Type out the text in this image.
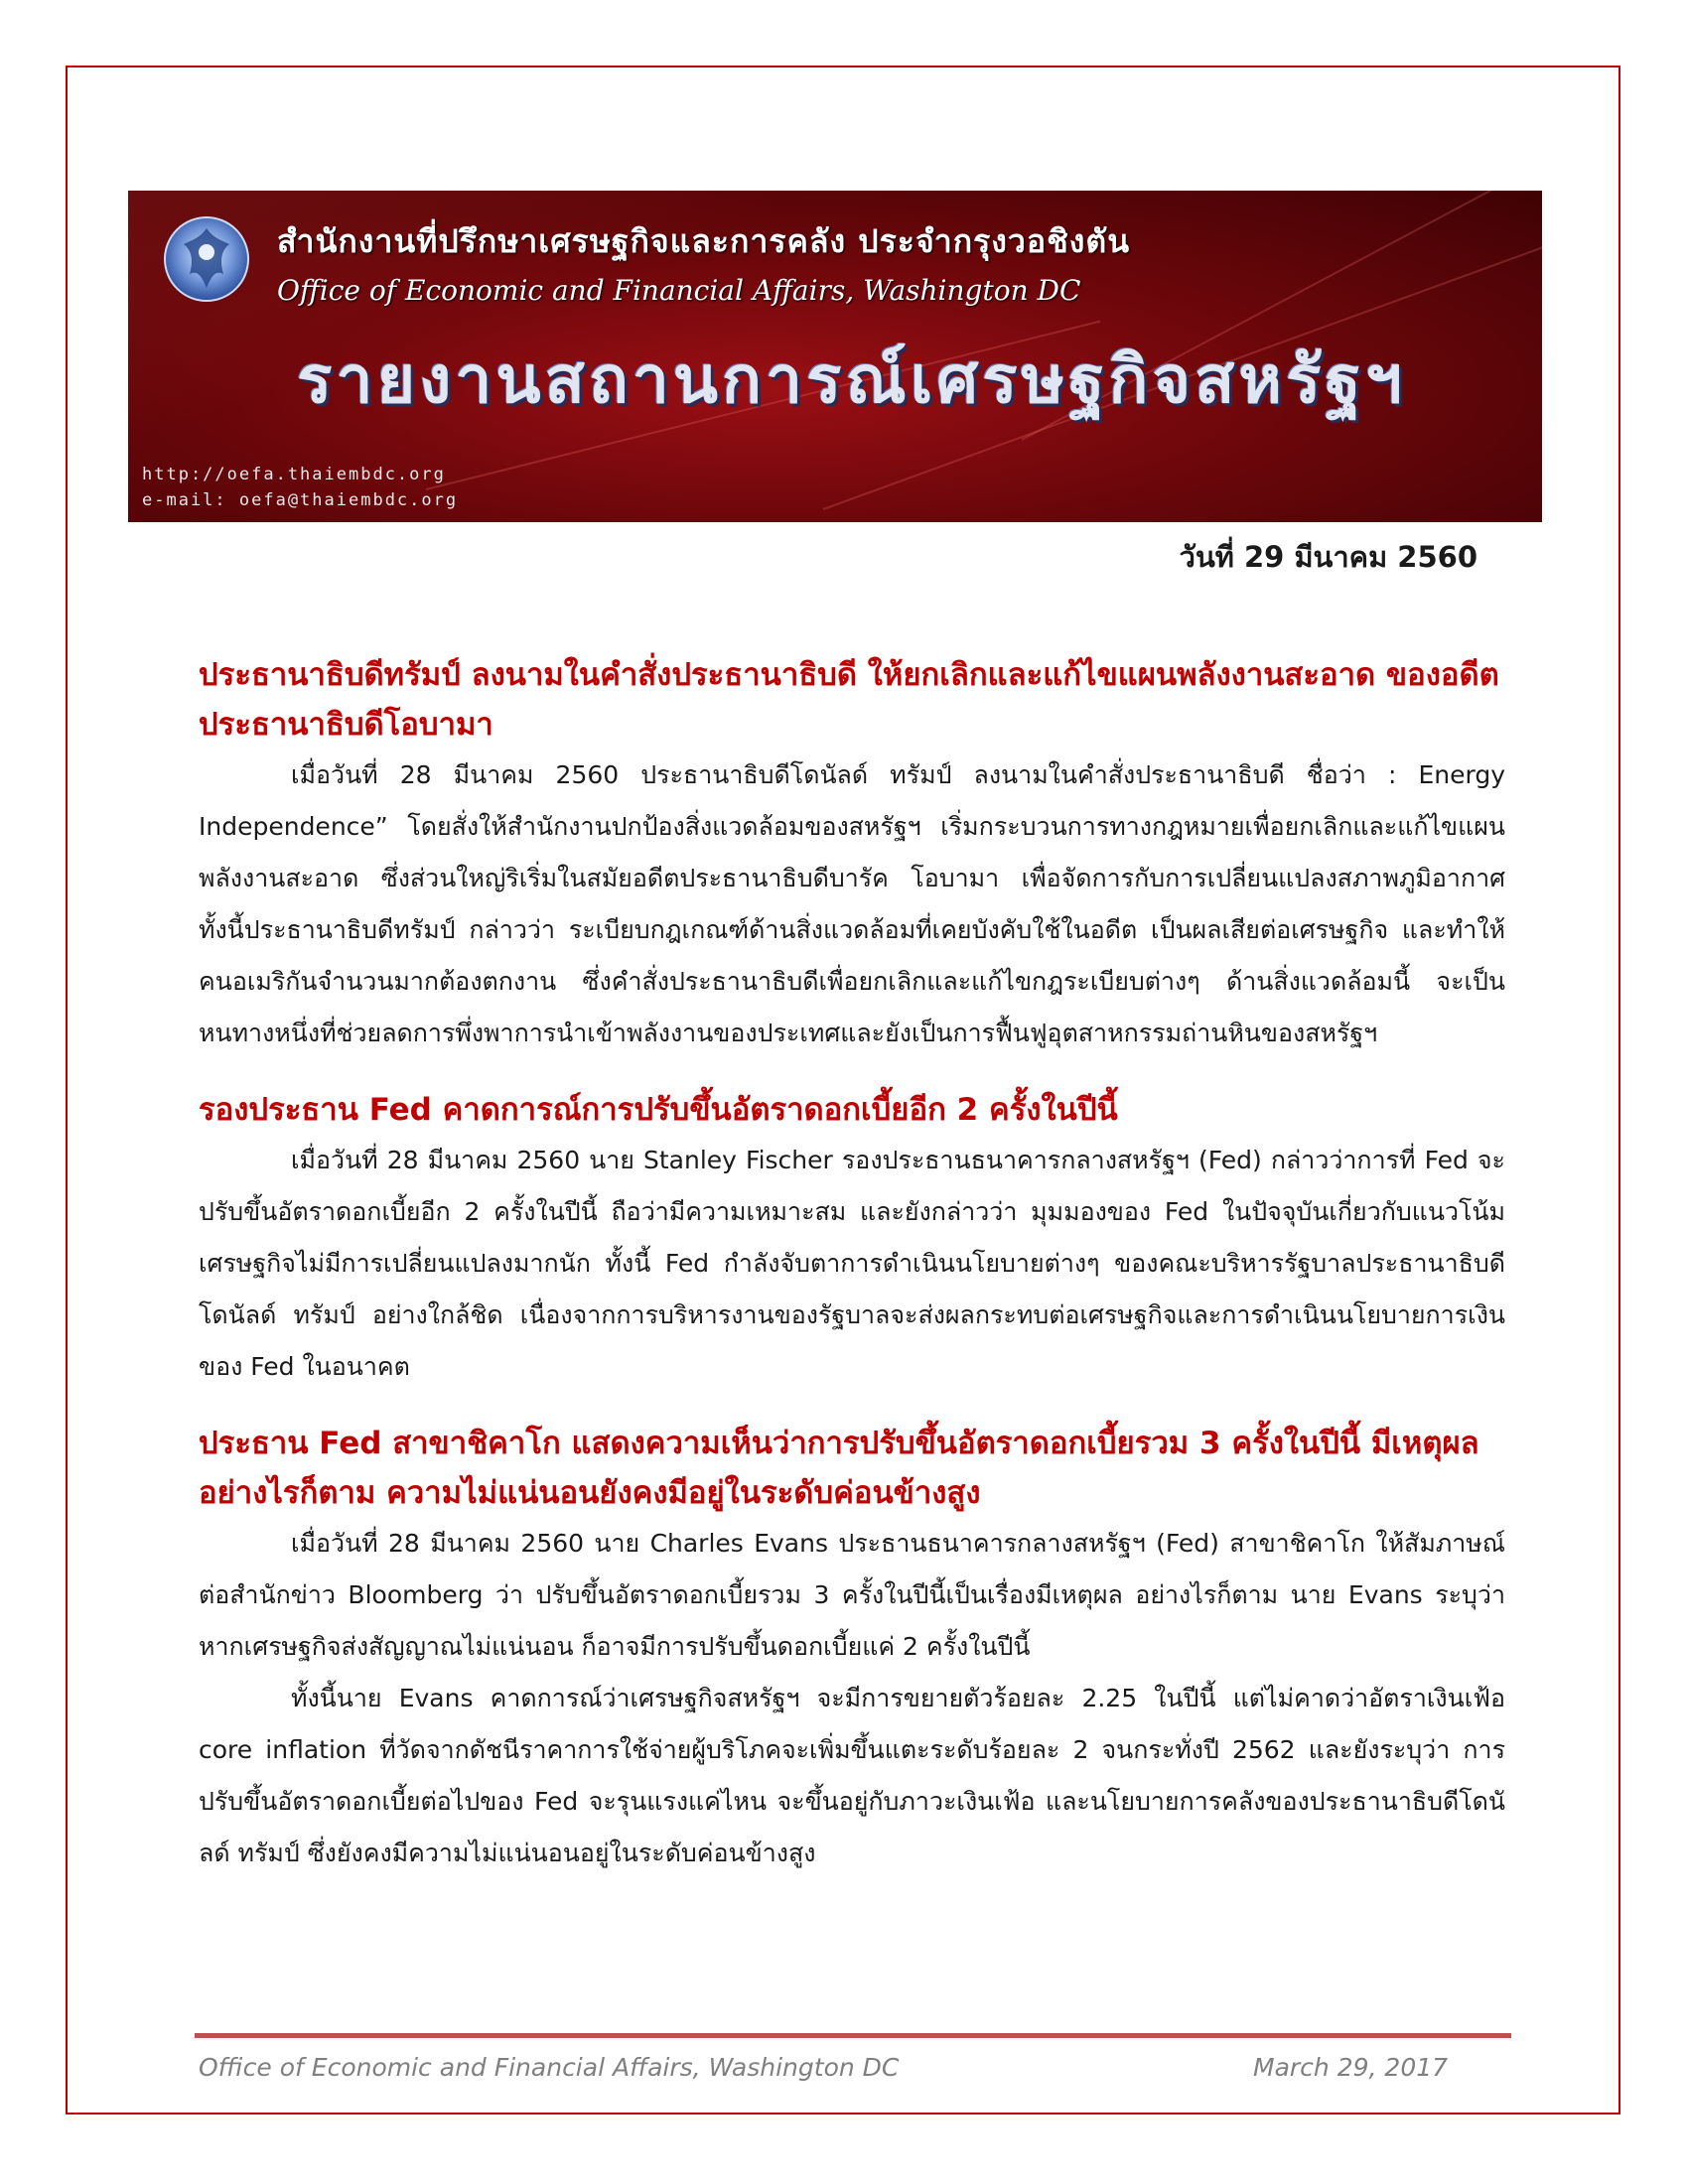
สำนักงานที่ปรึกษาเศรษฐกิจและการคลัง ประจำกรุงวอชิงตัน
Office of Economic and Financial Affairs, Washington DC
รายงานสถานการณ์เศรษฐกิจสหรัฐฯ
http://oefa.thaiembdc.org
e-mail: oefa@thaiembdc.org
วันที่ 29 มีนาคม 2560
ประธานาธิบดีทรัมป์ ลงนามในคำสั่งประธานาธิบดี ให้ยกเลิกและแก้ไขแผนพลังงานสะอาด ของอดีตประธานาธิบดีโอบามา

เมื่อวันที่ 28 มีนาคม 2560 ประธานาธิบดีโดนัลด์ ทรัมป์ ลงนามในคำสั่งประธานาธิบดี ชื่อว่า : Energy Independence” โดยสั่งให้สำนักงานปกป้องสิ่งแวดล้อมของสหรัฐฯ เริ่มกระบวนการทางกฎหมายเพื่อยกเลิกและแก้ไขแผนพลังงานสะอาด ซึ่งส่วนใหญ่ริเริ่มในสมัยอดีตประธานาธิบดีบารัค โอบามา เพื่อจัดการกับการเปลี่ยนแปลงสภาพภูมิอากาศ ทั้งนี้ประธานาธิบดีทรัมป์ กล่าวว่า ระเบียบกฎเกณฑ์ด้านสิ่งแวดล้อมที่เคยบังคับใช้ในอดีต เป็นผลเสียต่อเศรษฐกิจ และทำให้คนอเมริกันจำนวนมากต้องตกงาน ซึ่งคำสั่งประธานาธิบดีเพื่อยกเลิกและแก้ไขกฎระเบียบต่างๆ ด้านสิ่งแวดล้อมนี้ จะเป็นหนทางหนึ่งที่ช่วยลดการพึ่งพาการนำเข้าพลังงานของประเทศและยังเป็นการฟื้นฟูอุตสาหกรรมถ่านหินของสหรัฐฯ

รองประธาน Fed คาดการณ์การปรับขึ้นอัตราดอกเบี้ยอีก 2 ครั้งในปีนี้

เมื่อวันที่ 28 มีนาคม 2560 นาย Stanley Fischer รองประธานธนาคารกลางสหรัฐฯ (Fed) กล่าวว่าการที่ Fed จะปรับขึ้นอัตราดอกเบี้ยอีก 2 ครั้งในปีนี้ ถือว่ามีความเหมาะสม และยังกล่าวว่า มุมมองของ Fed ในปัจจุบันเกี่ยวกับแนวโน้มเศรษฐกิจไม่มีการเปลี่ยนแปลงมากนัก ทั้งนี้ Fed กำลังจับตาการดำเนินนโยบายต่างๆ ของคณะบริหารรัฐบาลประธานาธิบดีโดนัลด์ ทรัมป์ อย่างใกล้ชิด เนื่องจากการบริหารงานของรัฐบาลจะส่งผลกระทบต่อเศรษฐกิจและการดำเนินนโยบายการเงินของ Fed ในอนาคต

ประธาน Fed สาขาชิคาโก แสดงความเห็นว่าการปรับขึ้นอัตราดอกเบี้ยรวม 3 ครั้งในปีนี้ มีเหตุผล อย่างไรก็ตาม ความไม่แน่นอนยังคงมีอยู่ในระดับค่อนข้างสูง

เมื่อวันที่ 28 มีนาคม 2560 นาย Charles Evans ประธานธนาคารกลางสหรัฐฯ (Fed) สาขาชิคาโก ให้สัมภาษณ์ต่อสำนักข่าว Bloomberg ว่า ปรับขึ้นอัตราดอกเบี้ยรวม 3 ครั้งในปีนี้เป็นเรื่องมีเหตุผล อย่างไรก็ตาม นาย Evans ระบุว่า หากเศรษฐกิจส่งสัญญาณไม่แน่นอน ก็อาจมีการปรับขึ้นดอกเบี้ยแค่ 2 ครั้งในปีนี้

ทั้งนี้นาย Evans คาดการณ์ว่าเศรษฐกิจสหรัฐฯ จะมีการขยายตัวร้อยละ 2.25 ในปีนี้ แต่ไม่คาดว่าอัตราเงินเฟ้อ core inflation ที่วัดจากดัชนีราคาการใช้จ่ายผู้บริโภคจะเพิ่มขึ้นแตะระดับร้อยละ 2 จนกระทั่งปี 2562 และยังระบุว่า การปรับขึ้นอัตราดอกเบี้ยต่อไปของ Fed จะรุนแรงแค่ไหน จะขึ้นอยู่กับภาวะเงินเฟ้อ และนโยบายการคลังของประธานาธิบดีโดนัลด์ ทรัมป์ ซึ่งยังคงมีความไม่แน่นอนอยู่ในระดับค่อนข้างสูง

Office of Economic and Financial Affairs, Washington DC	March 29, 2017
